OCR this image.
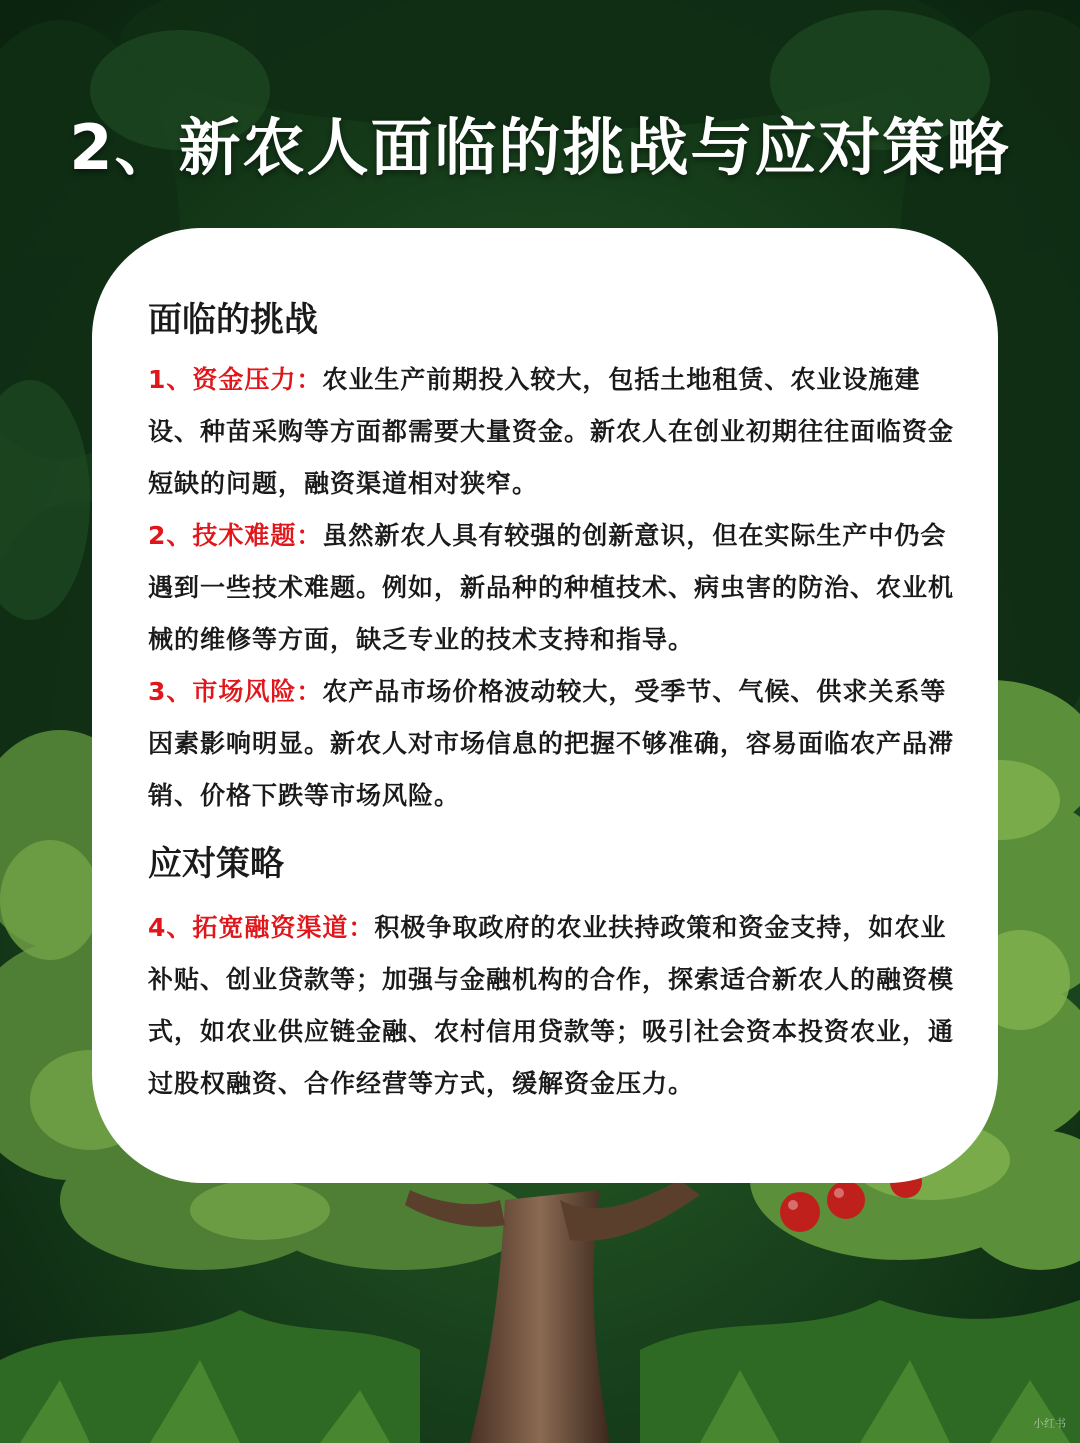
2、新农人面临的挑战与应对策略
面临的挑战

1、资金压力：农业生产前期投入较大，包括土地租赁、农业设施建设、种苗采购等方面都需要大量资金。新农人在创业初期往往面临资金短缺的问题，融资渠道相对狭窄。

2、技术难题：虽然新农人具有较强的创新意识，但在实际生产中仍会遇到一些技术难题。例如，新品种的种植技术、病虫害的防治、农业机械的维修等方面，缺乏专业的技术支持和指导。

3、市场风险：农产品市场价格波动较大，受季节、气候、供求关系等因素影响明显。新农人对市场信息的把握不够准确，容易面临农产品滞销、价格下跌等市场风险。

应对策略

4、拓宽融资渠道：积极争取政府的农业扶持政策和资金支持，如农业补贴、创业贷款等；加强与金融机构的合作，探索适合新农人的融资模式，如农业供应链金融、农村信用贷款等；吸引社会资本投资农业，通过股权融资、合作经营等方式，缓解资金压力。

小红书
